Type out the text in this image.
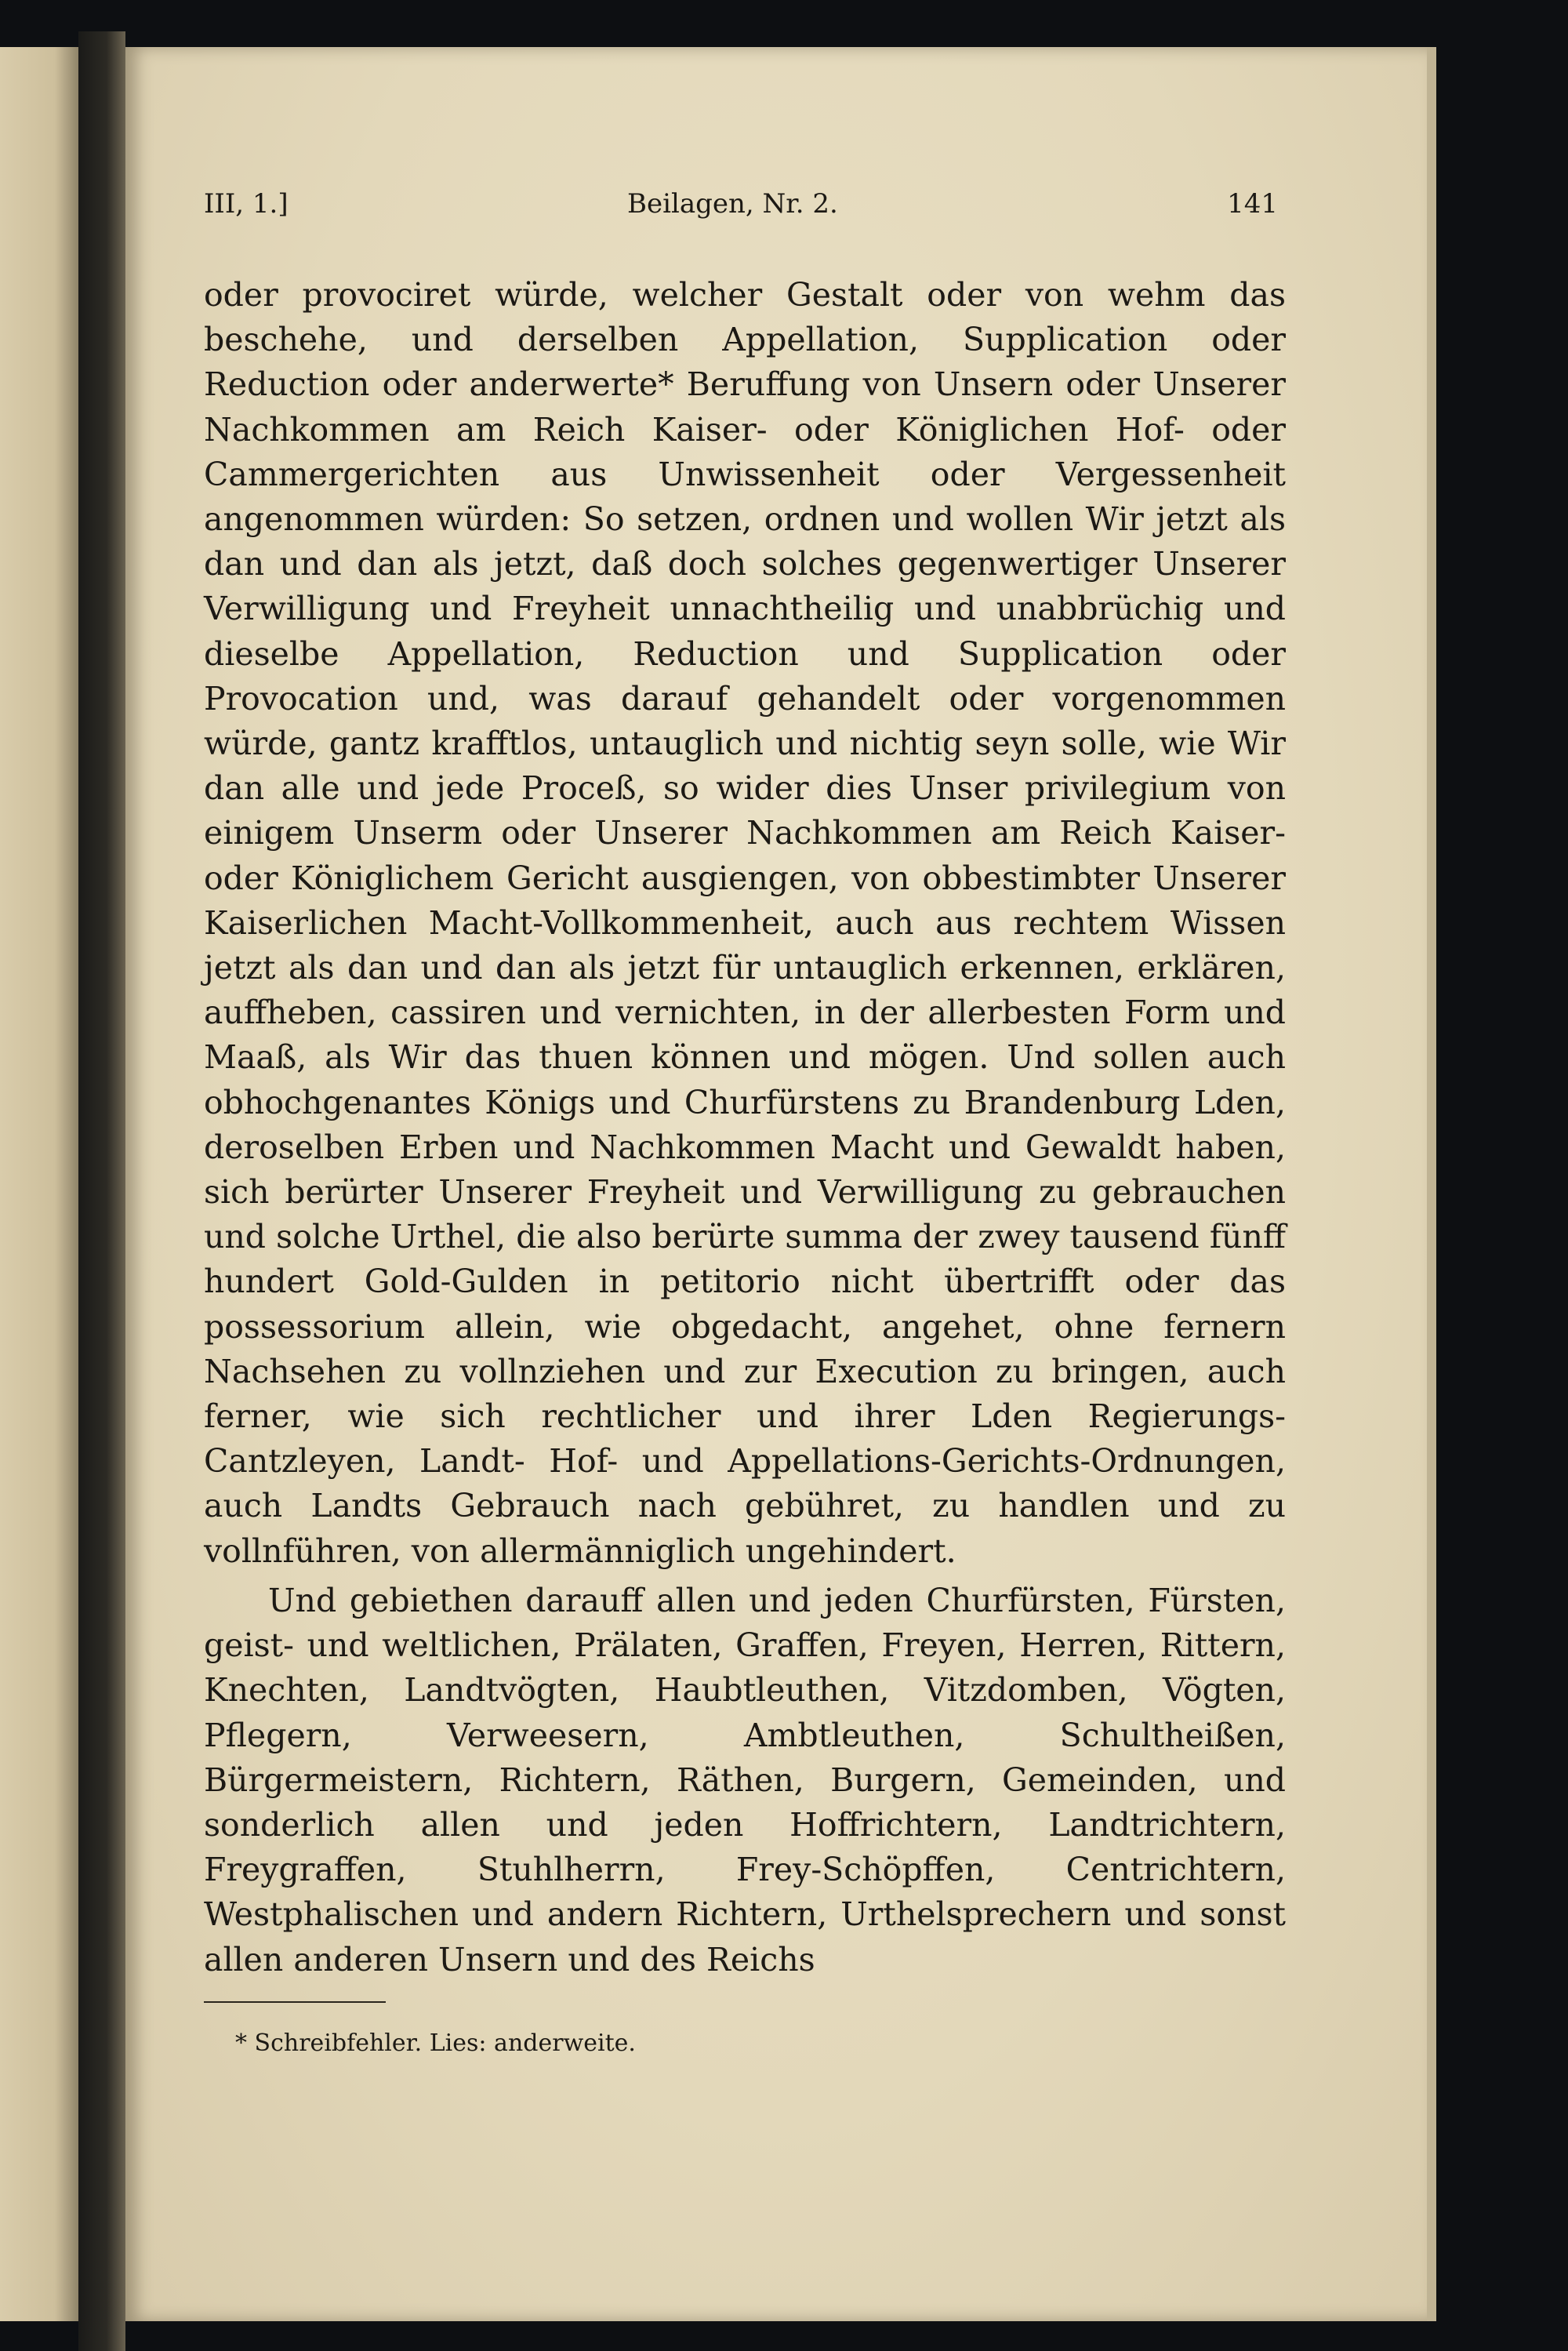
III, 1.]	Beilagen, Nr. 2.	141

oder provociret würde, welcher Gestalt oder von wehm das beschehe, und derselben Appellation, Supplication oder Reduction oder anderwerte* Beruffung von Unsern oder Unserer Nachkommen am Reich Kaiser- oder Königlichen Hof- oder Cammergerichten aus Unwissenheit oder Vergessenheit angenommen würden: So setzen, ordnen und wollen Wir jetzt als dan und dan als jetzt, daß doch solches gegenwertiger Unserer Verwilligung und Freyheit unnachtheilig und unabbrüchig und dieselbe Appellation, Reduction und Supplication oder Provocation und, was darauf gehandelt oder vorgenommen würde, gantz krafftlos, untauglich und nichtig seyn solle, wie Wir dan alle und jede Proceß, so wider dies Unser privilegium von einigem Unserm oder Unserer Nachkommen am Reich Kaiser- oder Königlichem Gericht ausgiengen, von obbestimbter Unserer Kaiserlichen Macht-Vollkommenheit, auch aus rechtem Wissen jetzt als dan und dan als jetzt für untauglich erkennen, erklären, auffheben, cassiren und vernichten, in der allerbesten Form und Maaß, als Wir das thuen können und mögen. Und sollen auch obhochgenantes Königs und Churfürstens zu Brandenburg Lden, deroselben Erben und Nachkommen Macht und Gewaldt haben, sich berürter Unserer Freyheit und Verwilligung zu gebrauchen und solche Urthel, die also berürte summa der zwey tausend fünff hundert Gold-Gulden in petitorio nicht übertrifft oder das possessorium allein, wie obgedacht, angehet, ohne fernern Nachsehen zu vollnziehen und zur Execution zu bringen, auch ferner, wie sich rechtlicher und ihrer Lden Regierungs-Cantzleyen, Landt- Hof- und Appellations-Gerichts-Ordnungen, auch Landts Gebrauch nach gebühret, zu handlen und zu vollnführen, von allermänniglich ungehindert.

Und gebiethen darauff allen und jeden Churfürsten, Fürsten, geist- und weltlichen, Prälaten, Graffen, Freyen, Herren, Rittern, Knechten, Landtvögten, Haubtleuthen, Vitzdomben, Vögten, Pflegern, Verweesern, Ambtleuthen, Schultheißen, Bürgermeistern, Richtern, Räthen, Burgern, Gemeinden, und sonderlich allen und jeden Hoffrichtern, Landtrichtern, Freygraffen, Stuhlherrn, Frey-Schöpffen, Centrichtern, Westphalischen und andern Richtern, Urthelsprechern und sonst allen anderen Unsern und des Reichs

* Schreibfehler. Lies: anderweite.
